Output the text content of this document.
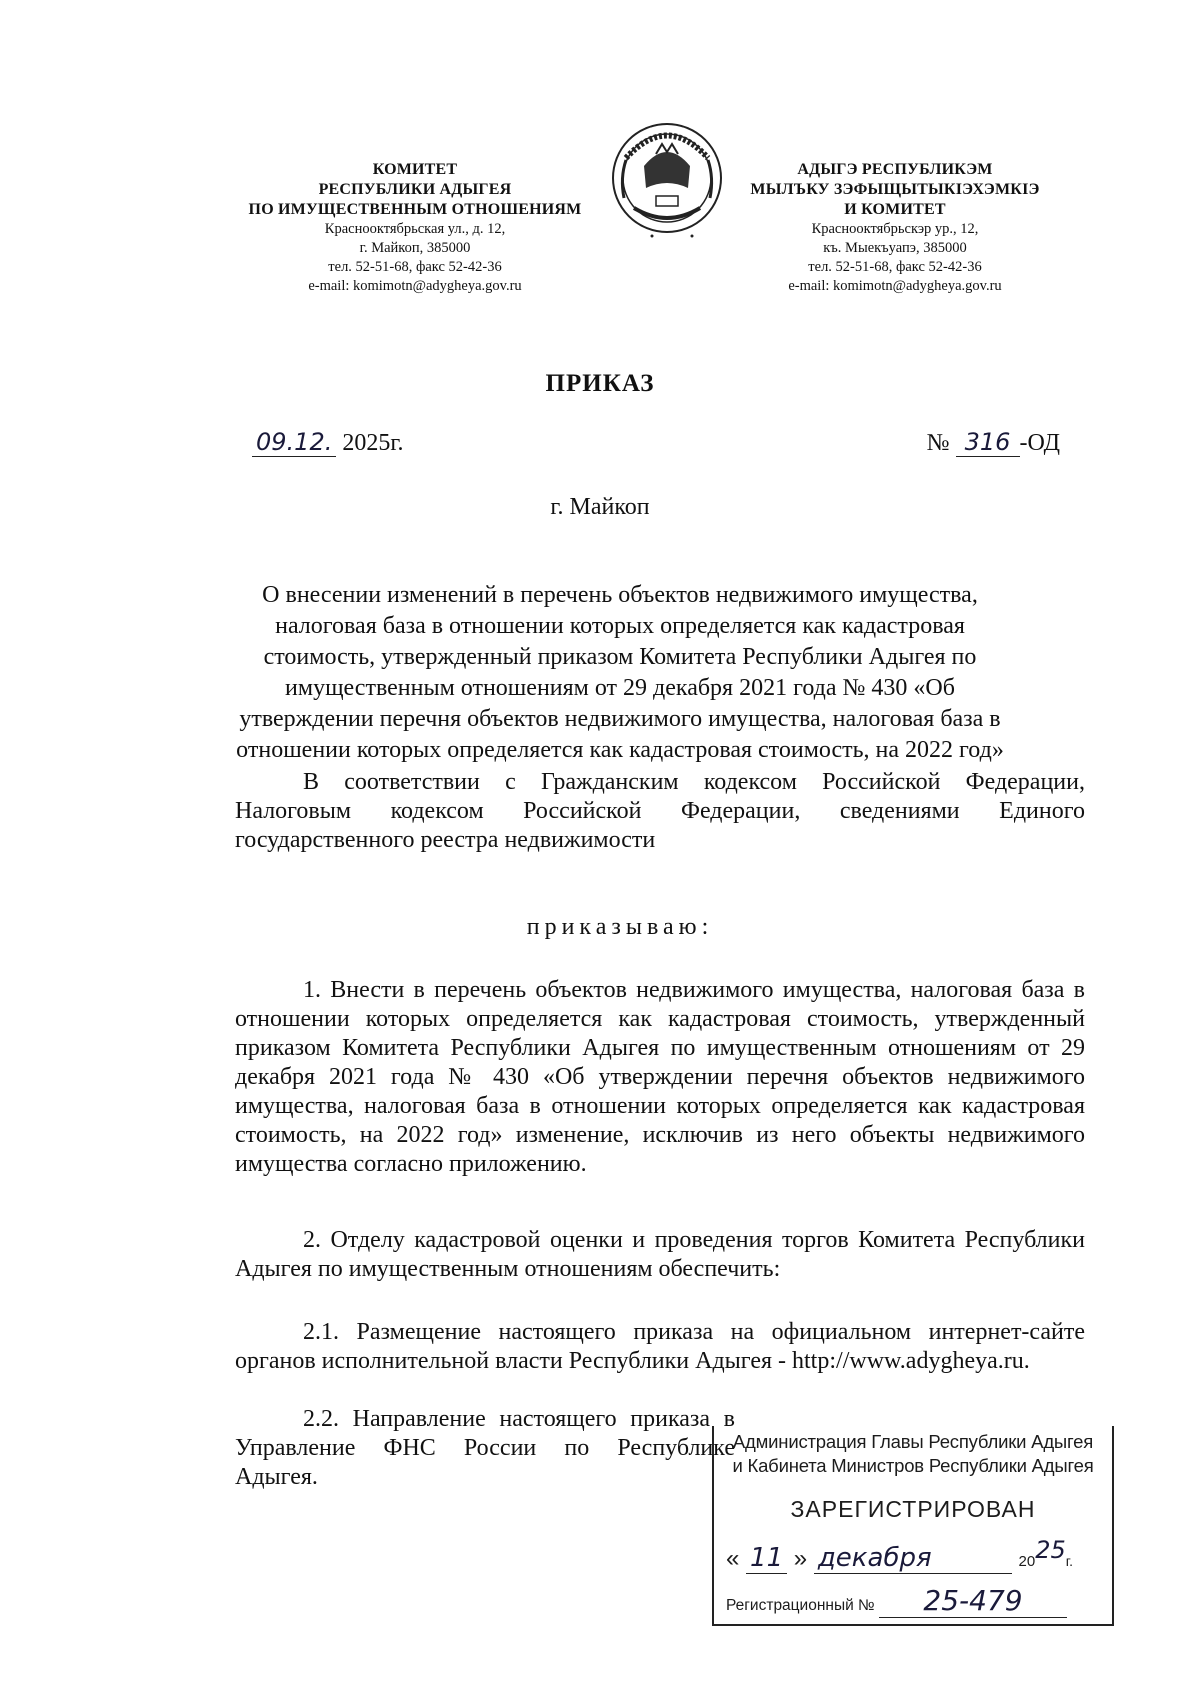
КОМИТЕТ
РЕСПУБЛИКИ АДЫГЕЯ
ПО ИМУЩЕСТВЕННЫМ ОТНОШЕНИЯМ
Краснооктябрьская ул., д. 12,
г. Майкоп, 385000
тел. 52-51-68, факс 52-42-36
e-mail: komimotn@adygheya.gov.ru
АДЫГЭ РЕСПУБЛИКЭМ
МЫЛЪКУ ЗЭФЫЩЫТЫКIЭХЭМКIЭ
И КОМИТЕТ
Краснооктябрьскэр ур., 12,
къ. Мыекъуапэ, 385000
тел. 52-51-68, факс 52-42-36
e-mail: komimotn@adygheya.gov.ru
ПРИКАЗ
09.12. 2025г.	№ 316 -ОД
г. Майкоп
О внесении изменений в перечень объектов недвижимого имущества,
налоговая база в отношении которых определяется как кадастровая
стоимость, утвержденный приказом Комитета Республики Адыгея по
имущественным отношениям от 29 декабря 2021 года № 430 «Об
утверждении перечня объектов недвижимого имущества, налоговая база в
отношении которых определяется как кадастровая стоимость, на 2022 год»
В соответствии с Гражданским кодексом Российской Федерации, Налоговым кодексом Российской Федерации, сведениями Единого государственного реестра недвижимости
приказываю:
1. Внести в перечень объектов недвижимого имущества, налоговая база в отношении которых определяется как кадастровая стоимость, утвержденный приказом Комитета Республики Адыгея по имущественным отношениям от 29 декабря 2021 года № 430 «Об утверждении перечня объектов недвижимого имущества, налоговая база в отношении которых определяется как кадастровая стоимость, на 2022 год» изменение, исключив из него объекты недвижимого имущества согласно приложению.
2. Отделу кадастровой оценки и проведения торгов Комитета Республики Адыгея по имущественным отношениям обеспечить:
2.1. Размещение настоящего приказа на официальном интернет-сайте органов исполнительной власти Республики Адыгея - http://www.adygheya.ru.
2.2. Направление настоящего приказа в Управление ФНС России по Республике Адыгея.
Администрация Главы Республики Адыгея
и Кабинета Министров Республики Адыгея
ЗАРЕГИСТРИРОВАН
« 11 » декабря	2025г.
Регистрационный № 25-479
